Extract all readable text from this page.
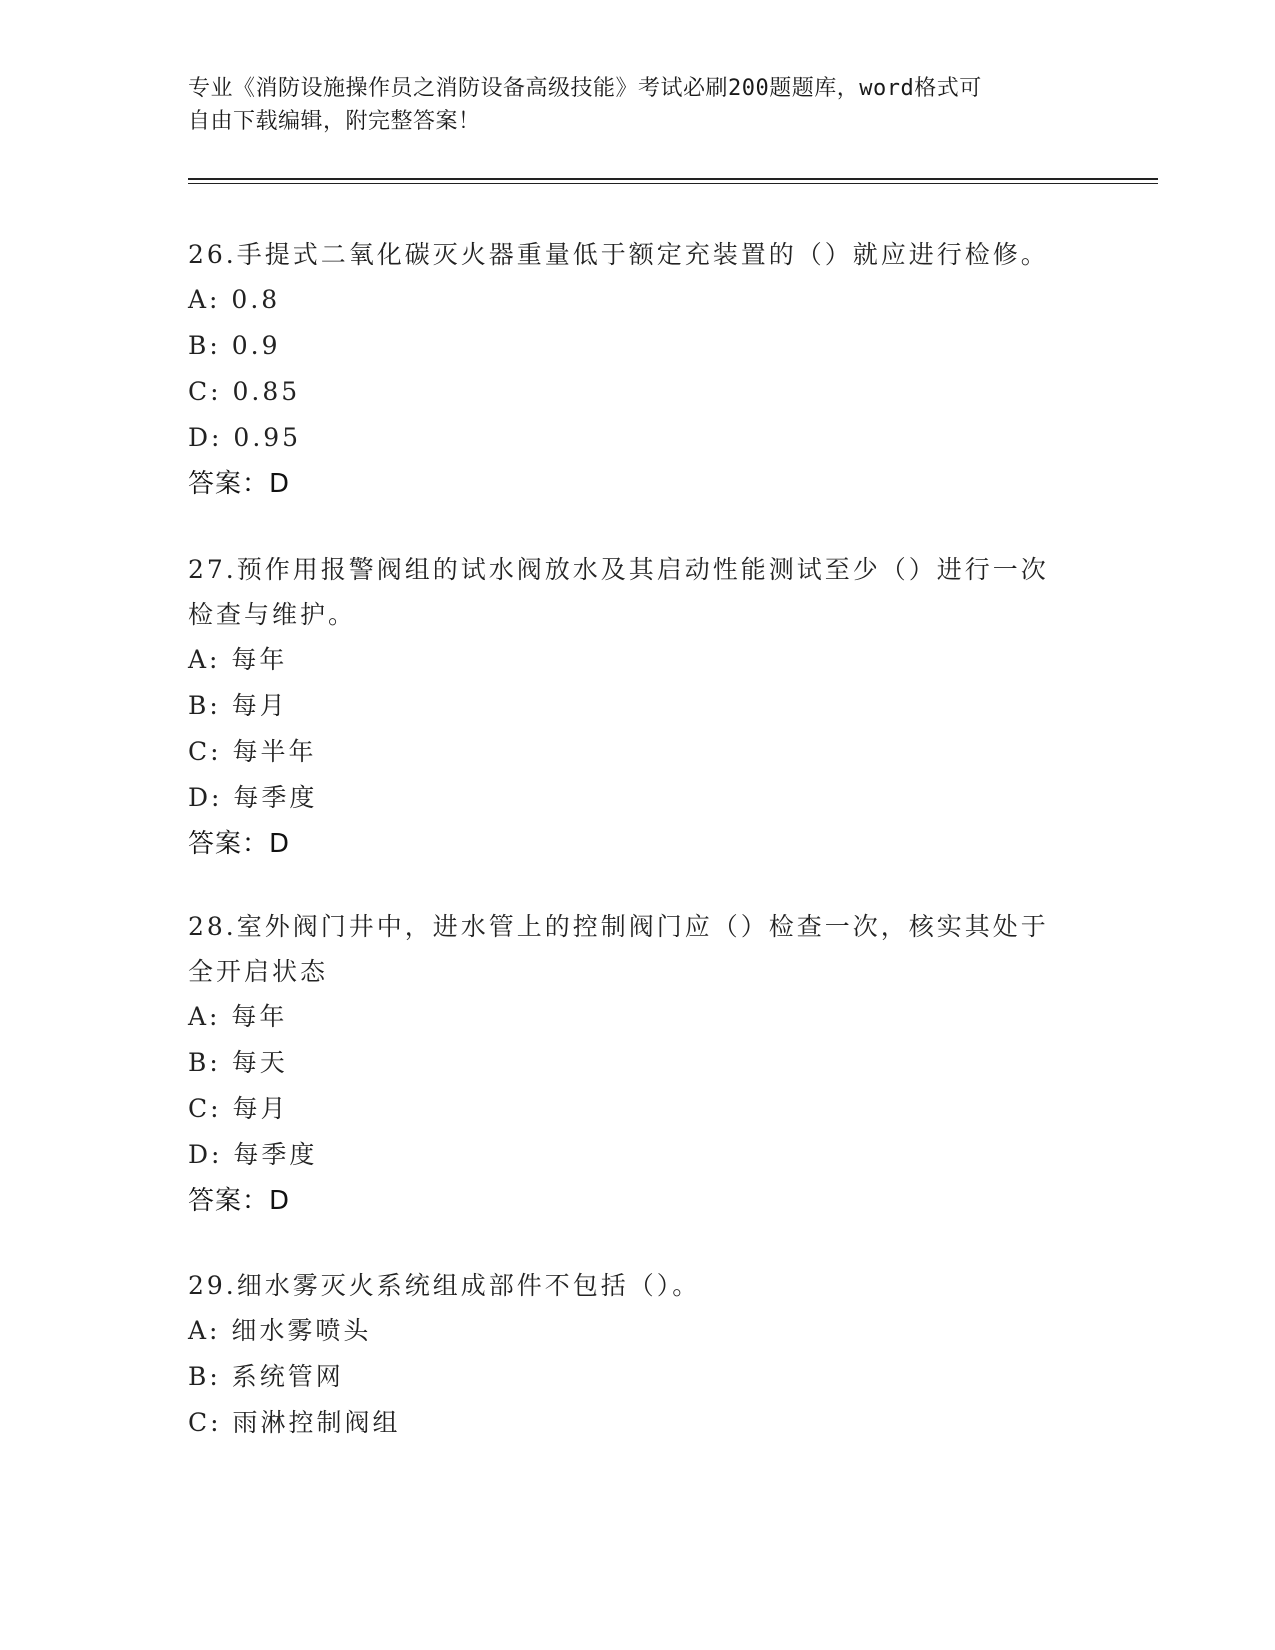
专业《消防设施操作员之消防设备高级技能》考试必刷200题题库，word格式可
自由下载编辑，附完整答案！
26.手提式二氧化碳灭火器重量低于额定充装置的（）就应进行检修。
A: 0.8
B: 0.9
C: 0.85
D: 0.95
答案：D
27.预作用报警阀组的试水阀放水及其启动性能测试至少（）进行一次
检查与维护。
A: 每年
B: 每月
C: 每半年
D: 每季度
答案：D
28.室外阀门井中，进水管上的控制阀门应（）检查一次，核实其处于
全开启状态
A: 每年
B: 每天
C: 每月
D: 每季度
答案：D
29.细水雾灭火系统组成部件不包括（）。
A: 细水雾喷头
B: 系统管网
C: 雨淋控制阀组
